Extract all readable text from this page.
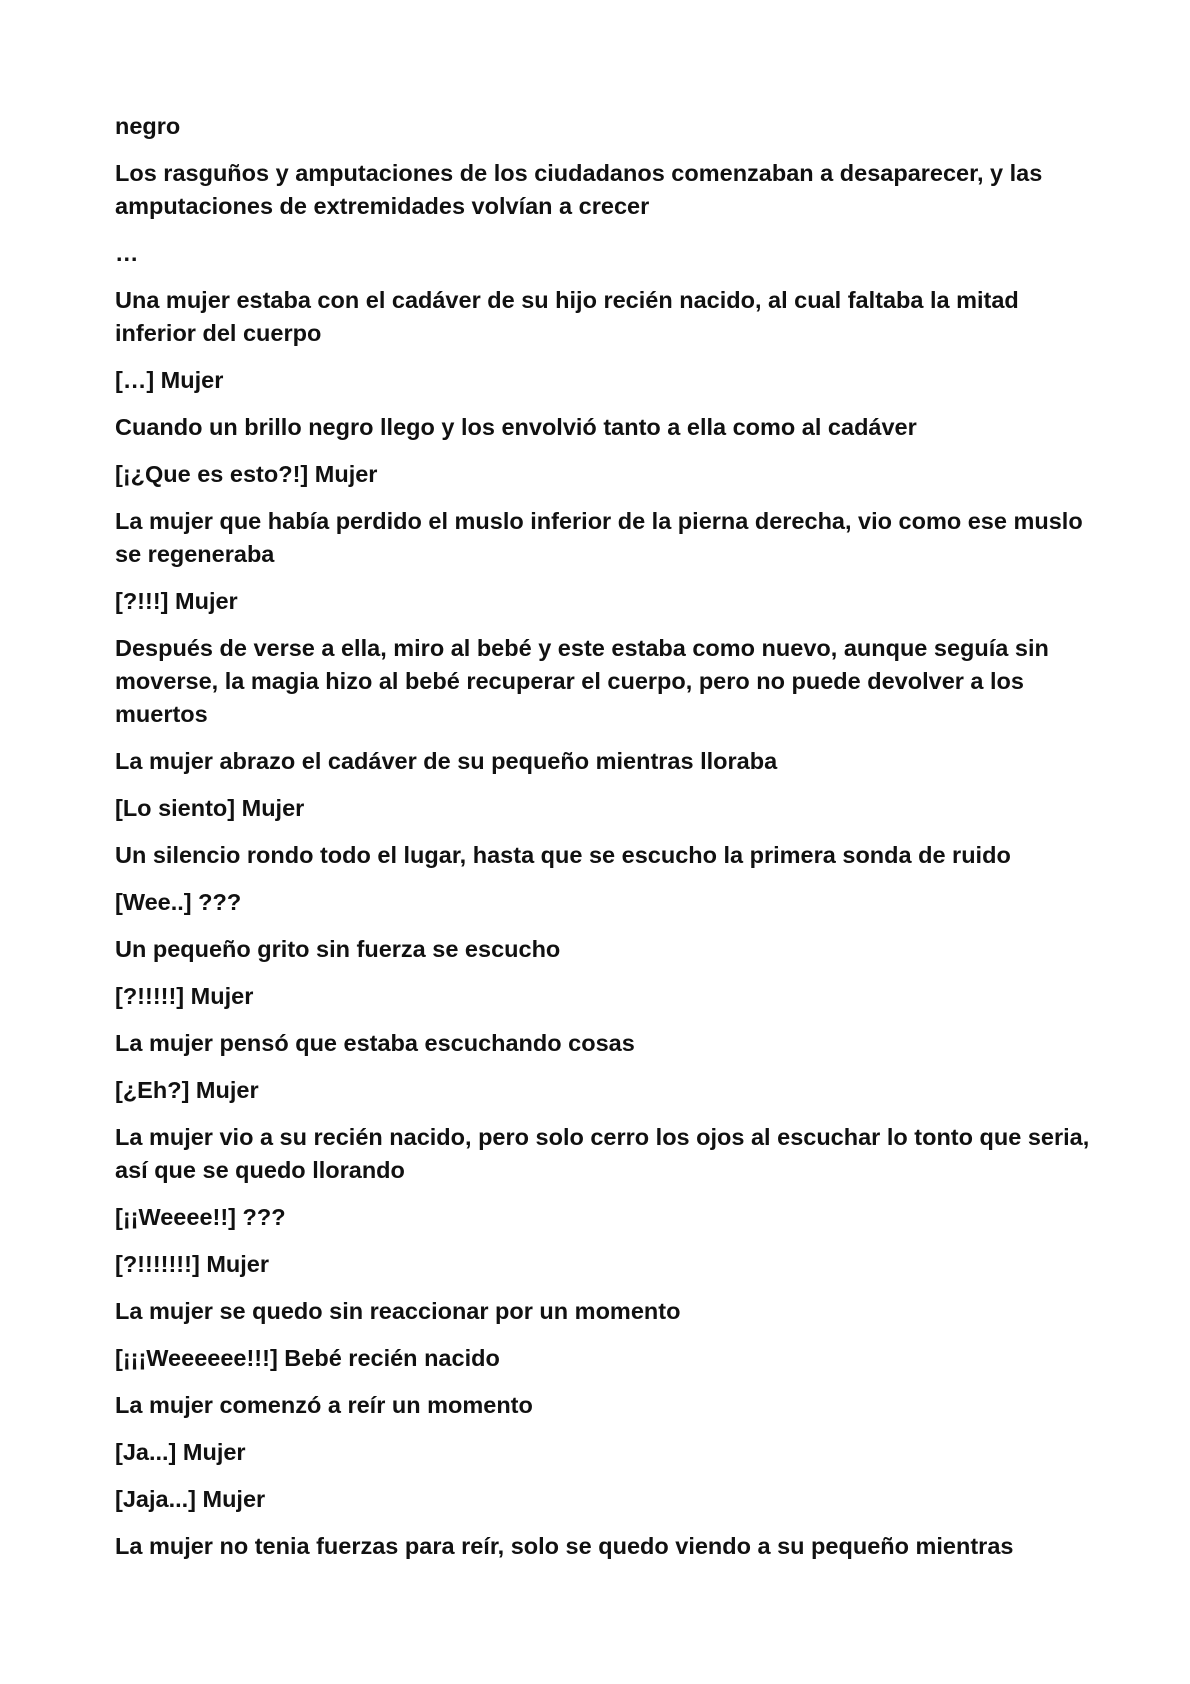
negro

Los rasguños y amputaciones de los ciudadanos comenzaban a desaparecer, y las amputaciones de extremidades volvían a crecer

…

Una mujer estaba con el cadáver de su hijo recién nacido, al cual faltaba la mitad inferior del cuerpo

[…] Mujer

Cuando un brillo negro llego y los envolvió tanto a ella como al cadáver

[¡¿Que es esto?!] Mujer

La mujer que había perdido el muslo inferior de la pierna derecha, vio como ese muslo se regeneraba

[?!!!] Mujer

Después de verse a ella, miro al bebé y este estaba como nuevo, aunque seguía sin moverse, la magia hizo al bebé recuperar el cuerpo, pero no puede devolver a los muertos

La mujer abrazo el cadáver de su pequeño mientras lloraba

[Lo siento] Mujer

Un silencio rondo todo el lugar, hasta que se escucho la primera sonda de ruido

[Wee..] ???

Un pequeño grito sin fuerza se escucho

[?!!!!!] Mujer

La mujer pensó que estaba escuchando cosas

[¿Eh?] Mujer

La mujer vio a su recién nacido, pero solo cerro los ojos al escuchar lo tonto que seria, así que se quedo llorando

[¡¡Weeee!!] ???

[?!!!!!!!] Mujer

La mujer se quedo sin reaccionar por un momento

[¡¡¡Weeeeee!!!] Bebé recién nacido

La mujer comenzó a reír un momento

[Ja...] Mujer

[Jaja...] Mujer

La mujer no tenia fuerzas para reír, solo se quedo viendo a su pequeño mientras
